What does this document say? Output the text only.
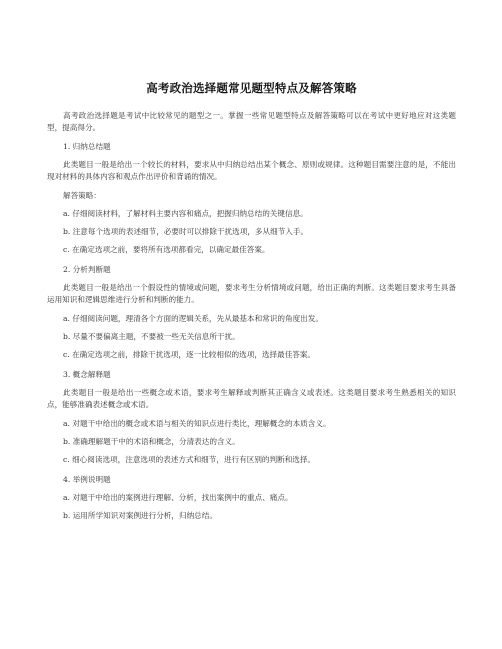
高考政治选择题常见题型特点及解答策略

高考政治选择题是考试中比较常见的题型之一。掌握一些常见题型特点及解答策略可以在考试中更好地应对这类题型，提高得分。

1. 归纳总结题

此类题目一般是给出一个较长的材料，要求从中归纳总结出某个概念、原则或规律。这种题目需要注意的是，不能出现对材料的具体内容和观点作出评价和背诵的情况。

解答策略：

a. 仔细阅读材料，了解材料主要内容和痛点，把握归纳总结的关键信息。

b. 注意每个选项的表述细节，必要时可以排除干扰选项，多从细节入手。

c. 在确定选项之前，要将所有选项都看完，以确定最佳答案。

2. 分析判断题

此类题目一般是给出一个假设性的情境或问题，要求考生分析情境或问题，给出正确的判断。这类题目要求考生具备运用知识和逻辑思维进行分析和判断的能力。

a. 仔细阅读问题，理清各个方面的逻辑关系，先从最基本和常识的角度出发。

b. 尽量不要偏离主题，不要被一些无关信息所干扰。

c. 在确定选项之前，排除干扰选项，逐一比较相似的选项，选择最佳答案。

3. 概念解释题

此类题目一般是给出一些概念或术语，要求考生解释或判断其正确含义或表述。这类题目要求考生熟悉相关的知识点，能够准确表述概念或术语。

a. 对题干中给出的概念或术语与相关的知识点进行类比，理解概念的本质含义。

b. 准确理解题干中的术语和概念，分清表达的含义。

c. 细心阅读选项，注意选项的表述方式和细节，进行有区别的判断和选择。

4. 举例说明题

a. 对题干中给出的案例进行理解、分析，找出案例中的重点、痛点。

b. 运用所学知识对案例进行分析，归纳总结。
